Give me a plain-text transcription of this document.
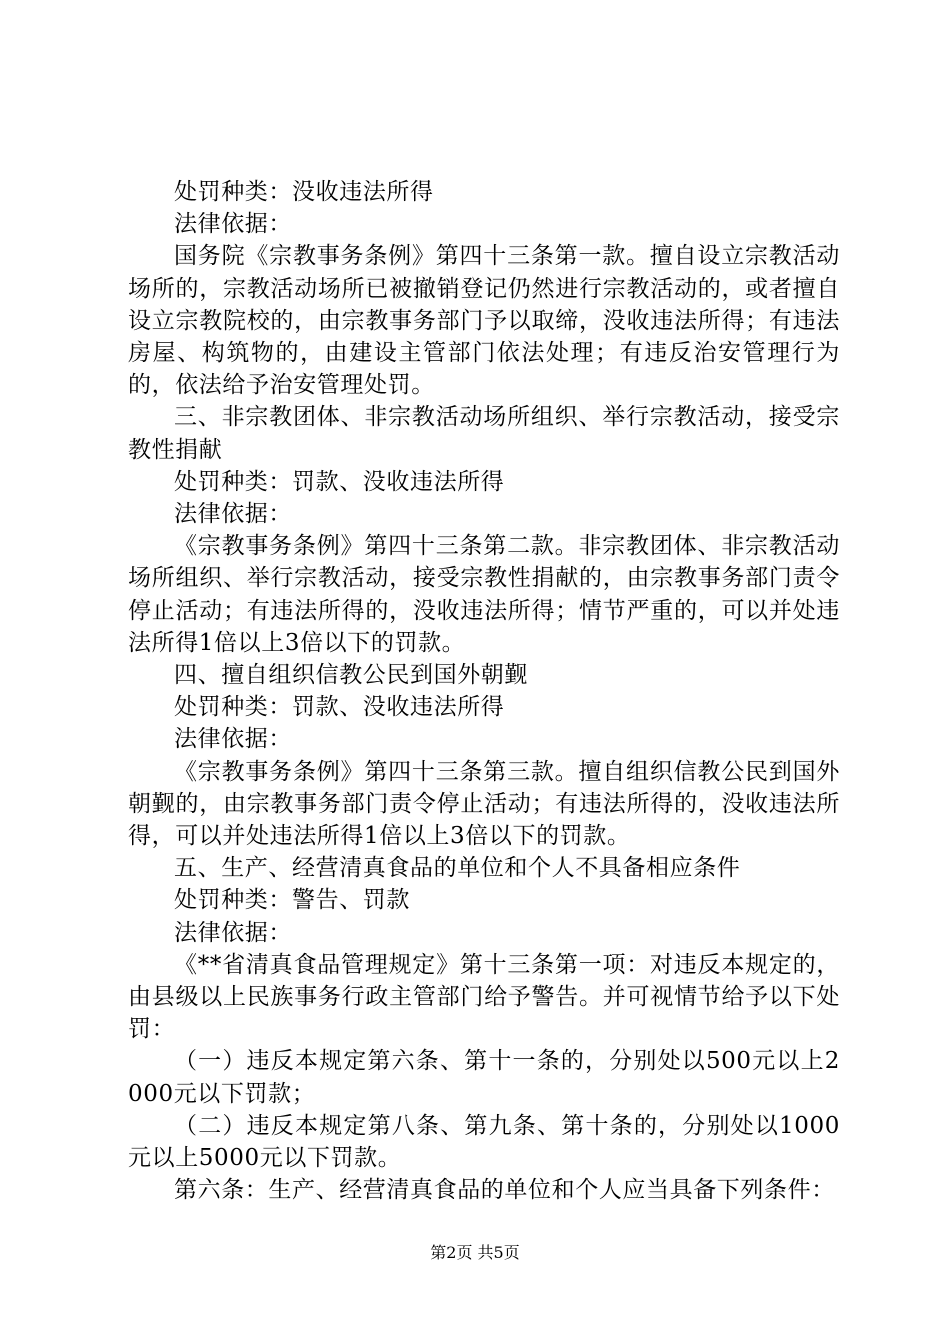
处罚种类：没收违法所得

法律依据：

国务院《宗教事务条例》第四十三条第一款。擅自设立宗教活动场所的，宗教活动场所已被撤销登记仍然进行宗教活动的，或者擅自设立宗教院校的，由宗教事务部门予以取缔，没收违法所得；有违法房屋、构筑物的，由建设主管部门依法处理；有违反治安管理行为的，依法给予治安管理处罚。

三、非宗教团体、非宗教活动场所组织、举行宗教活动，接受宗教性捐献

处罚种类：罚款、没收违法所得

法律依据：

《宗教事务条例》第四十三条第二款。非宗教团体、非宗教活动场所组织、举行宗教活动，接受宗教性捐献的，由宗教事务部门责令停止活动；有违法所得的，没收违法所得；情节严重的，可以并处违法所得1倍以上3倍以下的罚款。

四、擅自组织信教公民到国外朝觐

处罚种类：罚款、没收违法所得

法律依据：

《宗教事务条例》第四十三条第三款。擅自组织信教公民到国外朝觐的，由宗教事务部门责令停止活动；有违法所得的，没收违法所得，可以并处违法所得1倍以上3倍以下的罚款。

五、生产、经营清真食品的单位和个人不具备相应条件

处罚种类：警告、罚款

法律依据：

《**省清真食品管理规定》第十三条第一项：对违反本规定的，由县级以上民族事务行政主管部门给予警告。并可视情节给予以下处罚：

（一）违反本规定第六条、第十一条的，分别处以500元以上2000元以下罚款；

（二）违反本规定第八条、第九条、第十条的，分别处以1000元以上5000元以下罚款。

第六条：生产、经营清真食品的单位和个人应当具备下列条件：

第2页 共5页
